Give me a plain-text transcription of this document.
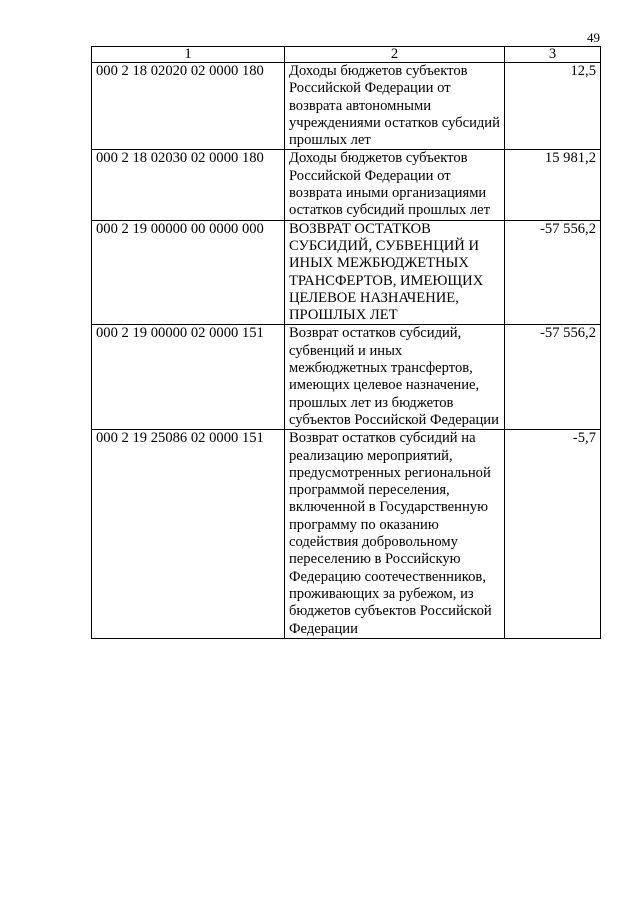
49
1	2	3
000 2 18 02020 02 0000 180	Доходы бюджетов субъектов Российской Федерации от возврата автономными учреждениями остатков субсидий прошлых лет	12,5
000 2 18 02030 02 0000 180	Доходы бюджетов субъектов Российской Федерации от возврата иными организациями остатков субсидий прошлых лет	15 981,2
000 2 19 00000 00 0000 000	ВОЗВРАТ ОСТАТКОВ СУБСИДИЙ, СУБВЕНЦИЙ И ИНЫХ МЕЖБЮДЖЕТНЫХ ТРАНСФЕРТОВ, ИМЕЮЩИХ ЦЕЛЕВОЕ НАЗНАЧЕНИЕ, ПРОШЛЫХ ЛЕТ	-57 556,2
000 2 19 00000 02 0000 151	Возврат остатков субсидий, субвенций и иных межбюджетных трансфертов, имеющих целевое назначение, прошлых лет из бюджетов субъектов Российской Федерации	-57 556,2
000 2 19 25086 02 0000 151	Возврат остатков субсидий на реализацию мероприятий, предусмотренных региональной программой переселения, включенной в Государственную программу по оказанию содействия добровольному переселению в Российскую Федерацию соотечественников, проживающих за рубежом, из бюджетов субъектов Российской Федерации	-5,7
